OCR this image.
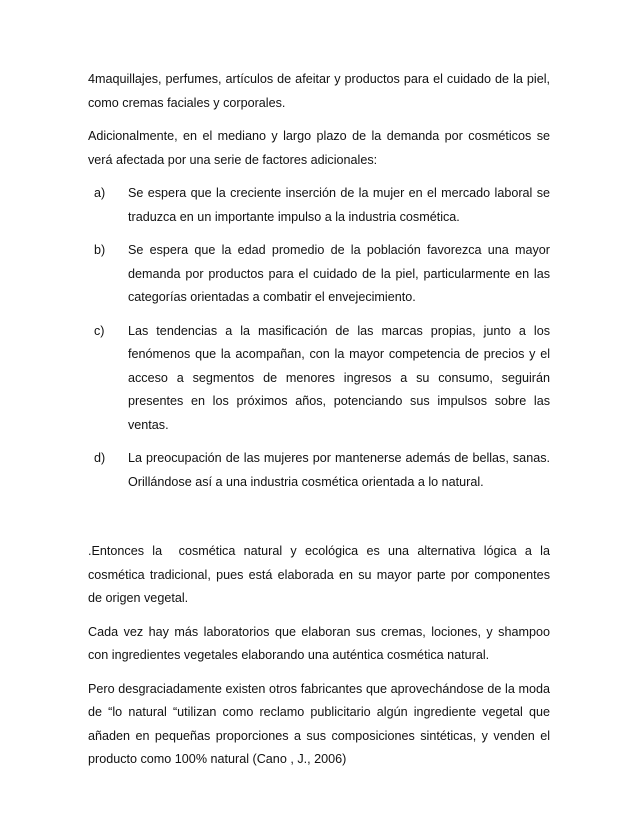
4maquillajes, perfumes, artículos de afeitar y productos para el cuidado de la piel, como cremas faciales y corporales.

Adicionalmente, en el mediano y largo plazo de la demanda por cosméticos se verá afectada por una serie de factores adicionales:

a) Se espera que la creciente inserción de la mujer en el mercado laboral se traduzca en un importante impulso a la industria cosmética.
b) Se espera que la edad promedio de la población favorezca una mayor demanda por productos para el cuidado de la piel, particularmente en las categorías orientadas a combatir el envejecimiento.
c) Las tendencias a la masificación de las marcas propias, junto a los fenómenos que la acompañan, con la mayor competencia de precios y el acceso a segmentos de menores ingresos a su consumo, seguirán presentes en los próximos años, potenciando sus impulsos sobre las ventas.
d) La preocupación de las mujeres por mantenerse además de bellas, sanas. Orillándose así a una industria cosmética orientada a lo natural.

.Entonces la  cosmética natural y ecológica es una alternativa lógica a la cosmética tradicional, pues está elaborada en su mayor parte por componentes de origen vegetal.

Cada vez hay más laboratorios que elaboran sus cremas, lociones, y shampoo con ingredientes vegetales elaborando una auténtica cosmética natural.

Pero desgraciadamente existen otros fabricantes que aprovechándose de la moda de “lo natural “utilizan como reclamo publicitario algún ingrediente vegetal que añaden en pequeñas proporciones a sus composiciones sintéticas, y venden el producto como 100% natural (Cano , J., 2006)
